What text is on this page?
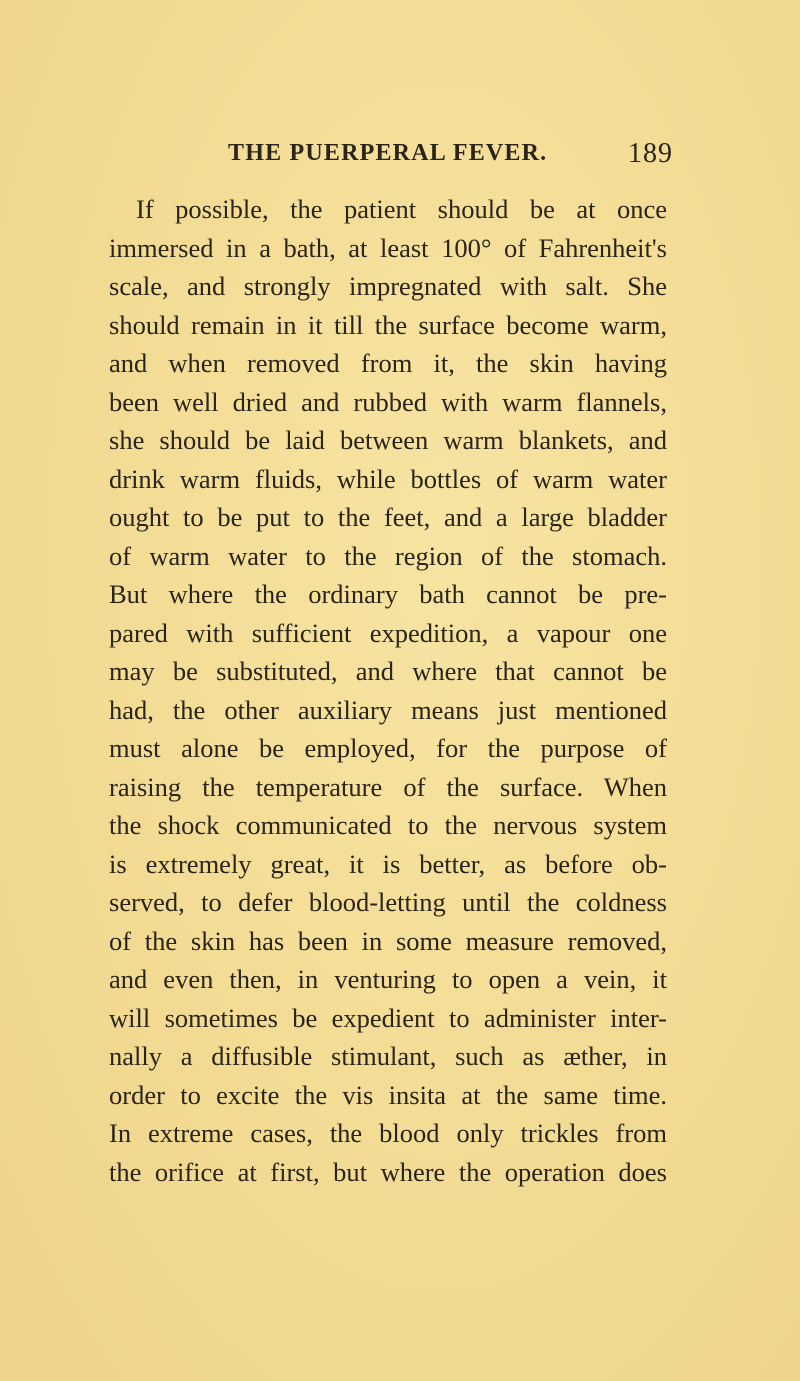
THE PUERPERAL FEVER.	189
If possible, the patient should be at once
immersed in a bath, at least 100° of Fahrenheit's
scale, and strongly impregnated with salt. She
should remain in it till the surface become warm,
and when removed from it, the skin having
been well dried and rubbed with warm flannels,
she should be laid between warm blankets, and
drink warm fluids, while bottles of warm water
ought to be put to the feet, and a large bladder
of warm water to the region of the stomach.
But where the ordinary bath cannot be pre-
pared with sufficient expedition, a vapour one
may be substituted, and where that cannot be
had, the other auxiliary means just mentioned
must alone be employed, for the purpose of
raising the temperature of the surface. When
the shock communicated to the nervous system
is extremely great, it is better, as before ob-
served, to defer blood-letting until the coldness
of the skin has been in some measure removed,
and even then, in venturing to open a vein, it
will sometimes be expedient to administer inter-
nally a diffusible stimulant, such as æther, in
order to excite the vis insita at the same time.
In extreme cases, the blood only trickles from
the orifice at first, but where the operation does
